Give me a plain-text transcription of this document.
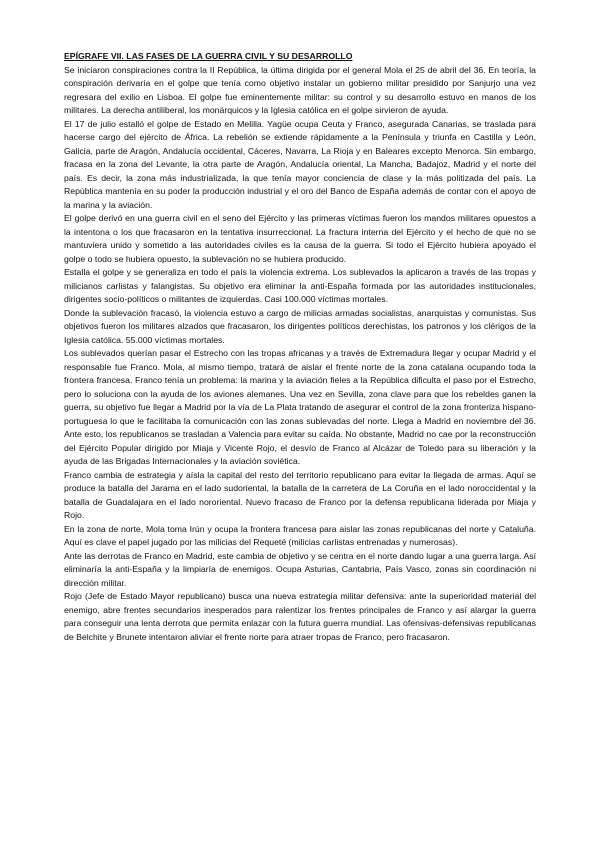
EPÍGRAFE VII. LAS FASES DE LA GUERRA CIVIL Y SU DESARROLLO

Se iniciaron conspiraciones contra la II República, la última dirigida por el general Mola el 25 de abril del 36. En teoría, la conspiración derivaría en el golpe que tenía como objetivo instalar un gobierno militar presidido por Sanjurjo una vez regresara del exilio en Lisboa. El golpe fue eminentemente militar: su control y su desarrollo estuvo en manos de los militares. La derecha antiliberal, los monárquicos y la Iglesia católica en el golpe sirvieron de ayuda.

El 17 de julio estalló el golpe de Estado en Melilla. Yagüe ocupa Ceuta y Franco, asegurada Canarias, se traslada para hacerse cargo del ejército de África. La rebelión se extiende rápidamente a la Península y triunfa en Castilla y León, Galicia, parte de Aragón, Andalucía occidental, Cáceres, Navarra, La Rioja y en Baleares excepto Menorca. Sin embargo, fracasa en la zona del Levante, la otra parte de Aragón, Andalucía oriental, La Mancha, Badajoz, Madrid y el norte del país. Es decir, la zona más industrializada, la que tenía mayor conciencia de clase y la más politizada del país. La República mantenía en su poder la producción industrial y el oro del Banco de España además de contar con el apoyo de la marina y la aviación.

El golpe derivó en una guerra civil en el seno del Ejército y las primeras víctimas fueron los mandos militares opuestos a la intentona o los que fracasaron en la tentativa insurreccional. La fractura interna del Ejército y el hecho de que no se mantuviera unido y sometido a las autoridades civiles es la causa de la guerra. Si todo el Ejército hubiera apoyado el golpe o todo se hubiera opuesto, la sublevación no se hubiera producido.

Estalla el golpe y se generaliza en todo el país la violencia extrema. Los sublevados la aplicaron a través de las tropas y milicianos carlistas y falangistas. Su objetivo era eliminar la anti-España formada por las autoridades institucionales, dirigentes socio-políticos o militantes de izquierdas. Casi 100.000 víctimas mortales.

Donde la sublevación fracasó, la violencia estuvo a cargo de milicias armadas socialistas, anarquistas y comunistas. Sus objetivos fueron los militares alzados que fracasaron, los dirigentes políticos derechistas, los patronos y los clérigos de la Iglesia católica. 55.000 víctimas mortales.

Los sublevados querían pasar el Estrecho con las tropas africanas y a través de Extremadura llegar y ocupar Madrid y el responsable fue Franco. Mola, al mismo tiempo, tratará de aislar el frente norte de la zona catalana ocupando toda la frontera francesa. Franco tenía un problema: la marina y la aviación fieles a la República dificulta el paso por el Estrecho, pero lo soluciona con la ayuda de los aviones alemanes. Una vez en Sevilla, zona clave para que los rebeldes ganen la guerra, su objetivo fue llegar a Madrid por la vía de La Plata tratando de asegurar el control de la zona fronteriza hispano-portuguesa lo que le facilitaba la comunicación con las zonas sublevadas del norte. Llega a Madrid en noviembre del 36. Ante esto, los republicanos se trasladan a Valencia para evitar su caída. No obstante, Madrid no cae por la reconstrucción del Ejército Popular dirigido por Miaja y Vicente Rojo, el desvío de Franco al Alcázar de Toledo para su liberación y la ayuda de las Brigadas Internacionales y la aviación soviética.

Franco cambia de estrategia y aísla la capital del resto del territorio republicano para evitar la llegada de armas. Aquí se produce la batalla del Jarama en el lado sudoriental, la batalla de la carretera de La Coruña en el lado noroccidental y la batalla de Guadalajara en el lado nororiental. Nuevo fracaso de Franco por la defensa republicana liderada por Miaja y Rojo.

En la zona de norte, Mola toma Irún y ocupa la frontera francesa para aislar las zonas republicanas del norte y Cataluña. Aquí es clave el papel jugado por las milicias del Requeté (milicias carlistas entrenadas y numerosas).

Ante las derrotas de Franco en Madrid, este cambia de objetivo y se centra en el norte dando lugar a una guerra larga. Así eliminaría la anti-España y la limpiaría de enemigos. Ocupa Asturias, Cantabria, País Vasco, zonas sin coordinación ni dirección militar.

Rojo (Jefe de Estado Mayor republicano) busca una nueva estrategia militar defensiva: ante la superioridad material del enemigo, abre frentes secundarios inesperados para ralentizar los frentes principales de Franco y así alargar la guerra para conseguir una lenta derrota que permita enlazar con la futura guerra mundial. Las ofensivas-defensivas republicanas de Belchite y Brunete intentaron aliviar el frente norte para atraer tropas de Franco, pero fracasaron.
